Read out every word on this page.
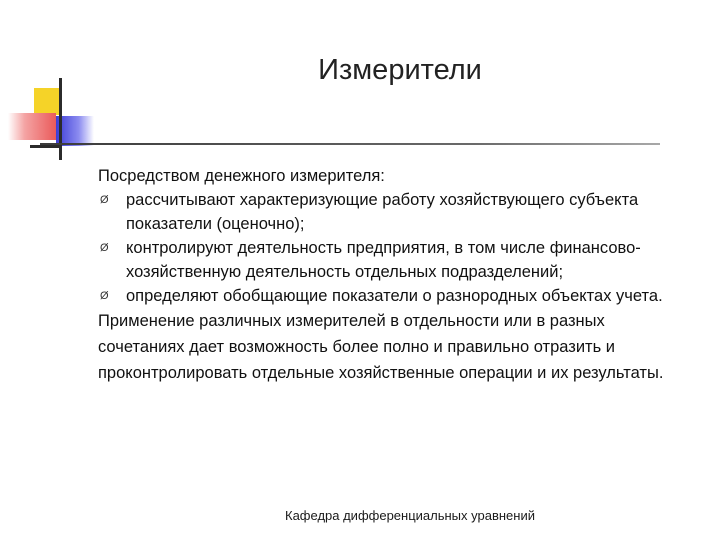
Измерители

Посредством денежного измерителя:

Ø рассчитывают характеризующие работу хозяйствующего субъекта показатели (оценочно);
Ø контролируют деятельность предприятия, в том числе финансово-хозяйственную деятельность отдельных подразделений;
Ø определяют обобщающие показатели о разнородных объектах учета.

Применение различных измерителей в отдельности или в разных сочетаниях дает возможность более полно и правильно отразить и проконтролировать отдельные хозяйственные операции и их результаты.

Кафедра дифференциальных уравнений
